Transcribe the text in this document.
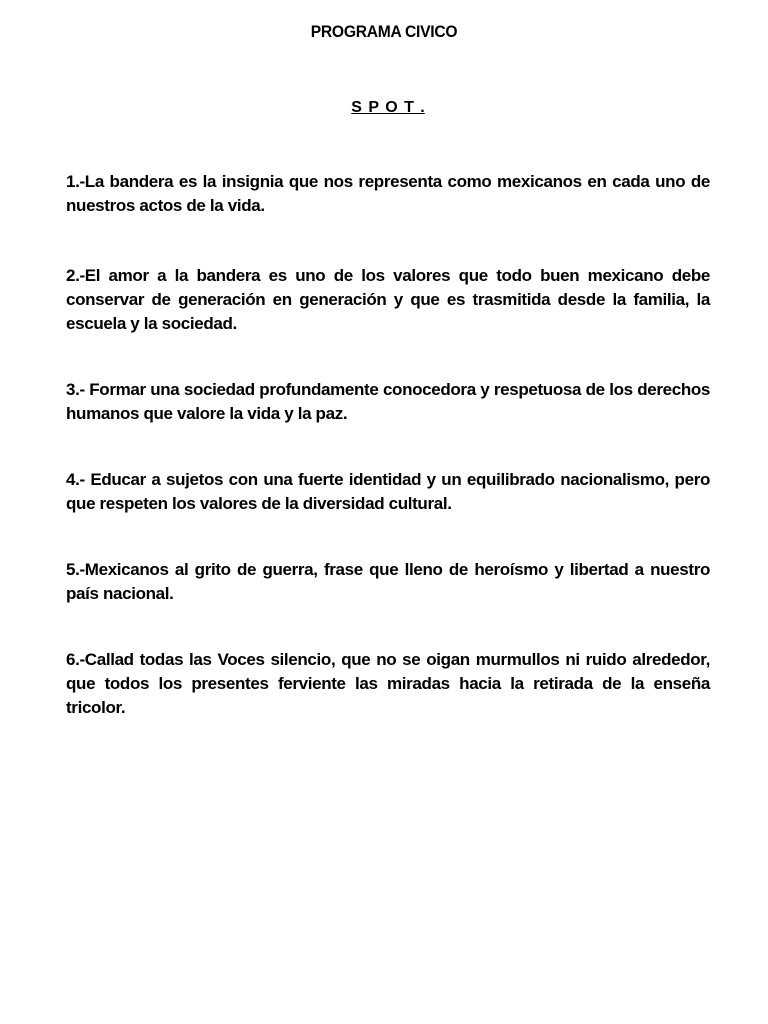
PROGRAMA CIVICO
S P O T .
1.-La bandera es la insignia que nos representa como mexicanos en cada uno de nuestros actos de la vida.
2.-El amor a la bandera es uno de los valores que todo buen mexicano debe conservar de generación en generación y que es trasmitida desde la familia, la escuela y la sociedad.
3.- Formar una sociedad profundamente conocedora y respetuosa de los derechos humanos que valore la vida y la paz.
4.- Educar a sujetos con una fuerte identidad y un equilibrado nacionalismo, pero que respeten los valores de la diversidad cultural.
5.-Mexicanos al grito de guerra, frase que lleno de heroísmo y libertad a nuestro país nacional.
6.-Callad todas las Voces silencio, que no se oigan murmullos ni ruido alrededor, que todos los presentes ferviente las miradas hacia la retirada de la enseña tricolor.
